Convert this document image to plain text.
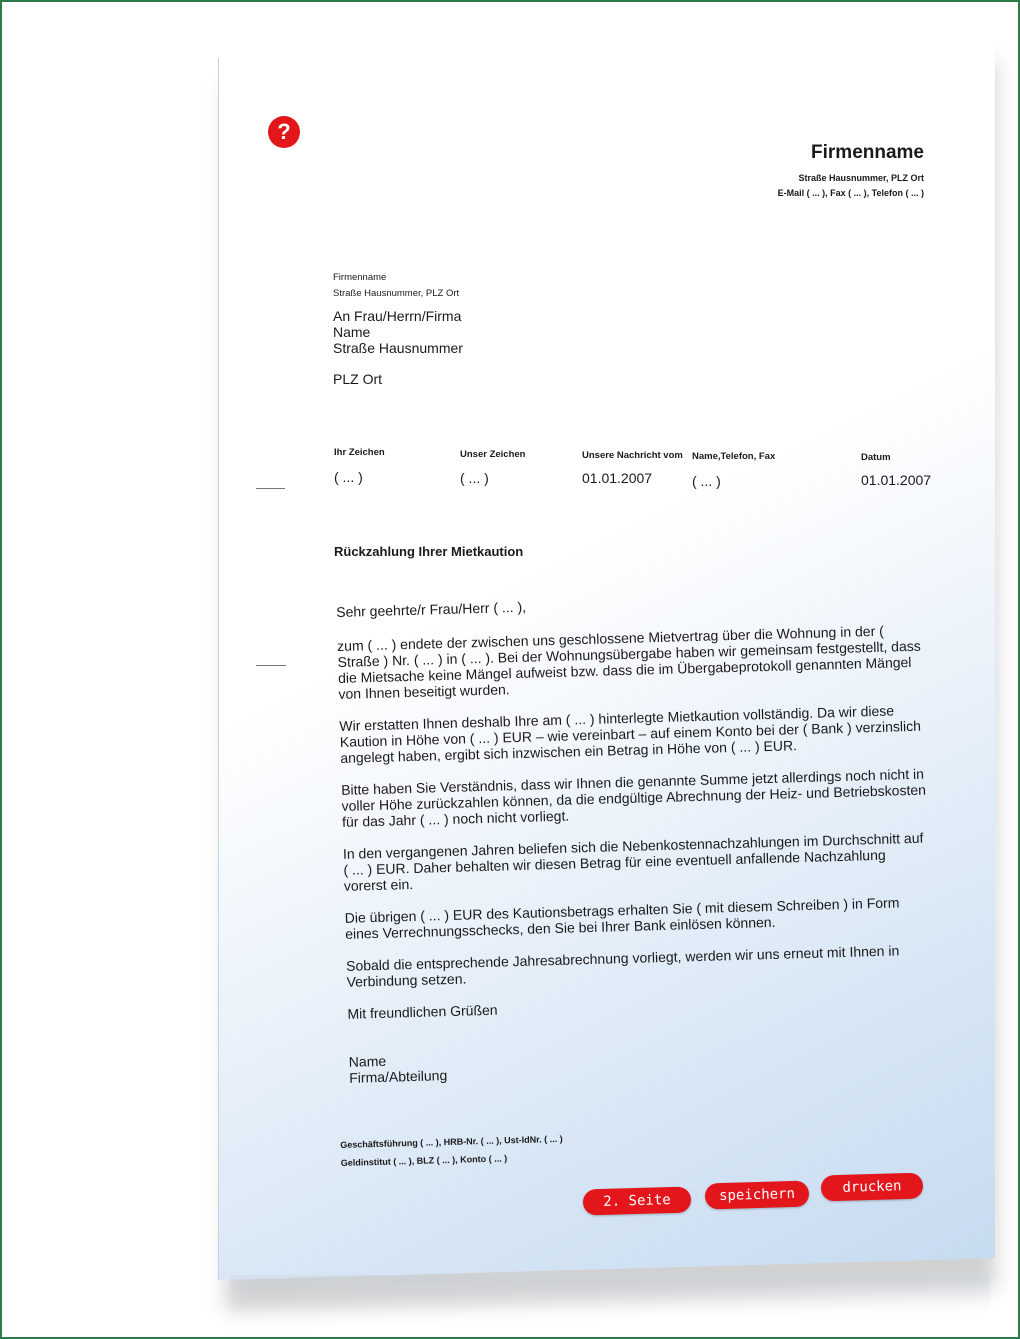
?
Firmenname
Straße Hausnummer, PLZ Ort
E-Mail ( ... ), Fax ( ... ), Telefon ( ... )
Firmenname
Straße Hausnummer, PLZ Ort
An Frau/Herrn/Firma
Name
Straße Hausnummer
PLZ Ort
Ihr Zeichen
( ... )
Unser Zeichen
( ... )
Unsere Nachricht vom
01.01.2007
Name,Telefon, Fax
( ... )
Datum
01.01.2007
Rückzahlung Ihrer Mietkaution

Sehr geehrte/r Frau/Herr ( ... ),

zum ( ... ) endete der zwischen uns geschlossene Mietvertrag über die Wohnung in der ( Straße ) Nr. ( ... ) in ( ... ). Bei der Wohnungsübergabe haben wir gemeinsam festgestellt, dass die Mietsache keine Mängel aufweist bzw. dass die im Übergabeprotokoll genannten Mängel von Ihnen beseitigt wurden.

Wir erstatten Ihnen deshalb Ihre am ( ... ) hinterlegte Mietkaution vollständig. Da wir diese Kaution in Höhe von ( ... ) EUR – wie vereinbart – auf einem Konto bei der ( Bank ) verzinslich angelegt haben, ergibt sich inzwischen ein Betrag in Höhe von ( ... ) EUR.

Bitte haben Sie Verständnis, dass wir Ihnen die genannte Summe jetzt allerdings noch nicht in voller Höhe zurückzahlen können, da die endgültige Abrechnung der Heiz- und Betriebskosten für das Jahr ( ... ) noch nicht vorliegt.

In den vergangenen Jahren beliefen sich die Nebenkostennachzahlungen im Durchschnitt auf ( ... ) EUR. Daher behalten wir diesen Betrag für eine eventuell anfallende Nachzahlung vorerst ein.

Die übrigen ( ... ) EUR des Kautionsbetrags erhalten Sie ( mit diesem Schreiben ) in Form eines Verrechnungsschecks, den Sie bei Ihrer Bank einlösen können.

Sobald die entsprechende Jahresabrechnung vorliegt, werden wir uns erneut mit Ihnen in Verbindung setzen.

Mit freundlichen Grüßen

Name

Firma/Abteilung

Geschäftsführung ( ... ), HRB-Nr. ( ... ), Ust-IdNr. ( ... )
Geldinstitut ( ... ), BLZ ( ... ), Konto ( ... )
2. Seite	speichern	drucken
